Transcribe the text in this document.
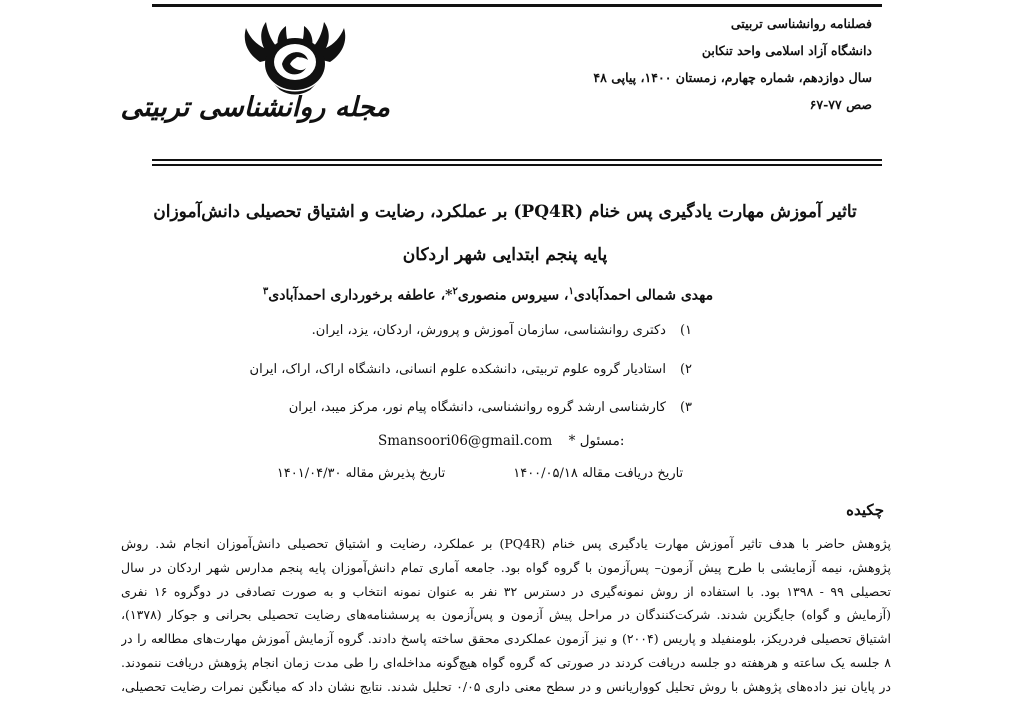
فصلنامه روانشناسی تربیتی
دانشگاه آزاد اسلامی واحد تنکابن
سال دوازدهم، شماره چهارم، زمستان ۱۴۰۰، پیاپی ۴۸
صص ۷۷-۶۷
مجله روانشناسی تربیتی
تاثیر آموزش مهارت یادگیری پس خنام (PQ4R) بر عملکرد، رضایت و اشتیاق تحصیلی دانش‌آموزان
پایه پنجم ابتدایی شهر اردکان
مهدی شمالی احمدآبادی$^۱$، سیروس منصوری$^۲$*، عاطفه برخورداری احمدآبادی$^۳$
۱)دکتری روانشناسی، سازمان آموزش و پرورش، اردکان، یزد، ایران.
۲)استادیار گروه علوم تربیتی، دانشکده علوم انسانی، دانشگاه اراک، اراک، ایران
۳)کارشناسی ارشد گروه روانشناسی، دانشگاه پیام نور، مرکز میبد، ایران
Smansoori06@gmail.com * مسئول:
تاریخ دریافت مقاله ۱۴۰۰/۰۵/۱۸تاریخ پذیرش مقاله ۱۴۰۱/۰۴/۳۰
چکیده
پژوهش حاضر با هدف تاثیر آموزش مهارت یادگیری پس خنام (PQ4R) بر عملکرد، رضایت و اشتیاق تحصیلی دانش‌آموزان انجام شد. روش
پژوهش، نیمه آزمایشی با طرح پیش آزمون– پس‌آزمون با گروه گواه بود. جامعه آماری تمام دانش‌آموزان پایه پنجم مدارس شهر اردکان در سال
تحصیلی ۹۹ - ۱۳۹۸ بود. با استفاده از روش نمونه‌گیری در دسترس ۳۲ نفر به عنوان نمونه انتخاب و به صورت تصادفی در دوگروه ۱۶ نفری
(آزمایش و گواه) جایگزین شدند. شرکت‌کنندگان در مراحل پیش آزمون و پس‌آزمون به پرسشنامه‌های رضایت تحصیلی بحرانی و جوکار (۱۳۷۸)،
اشتیاق تحصیلی فردریکز، بلومنفیلد و پاریس (۲۰۰۴) و نیز آزمون عملکردی محقق ساخته پاسخ دادند. گروه آزمایش آموزش مهارت‌های مطالعه را در
۸ جلسه یک ساعته و هرهفته دو جلسه دریافت کردند در صورتی که گروه گواه هیچ‌گونه مداخله‌ای را طی مدت زمان انجام پژوهش دریافت ننمودند.
در پایان نیز داده‌های پژوهش با روش تحلیل کوواریانس و در سطح معنی داری ۰/۰۵ تحلیل شدند. نتایج نشان داد که میانگین نمرات رضایت تحصیلی،
